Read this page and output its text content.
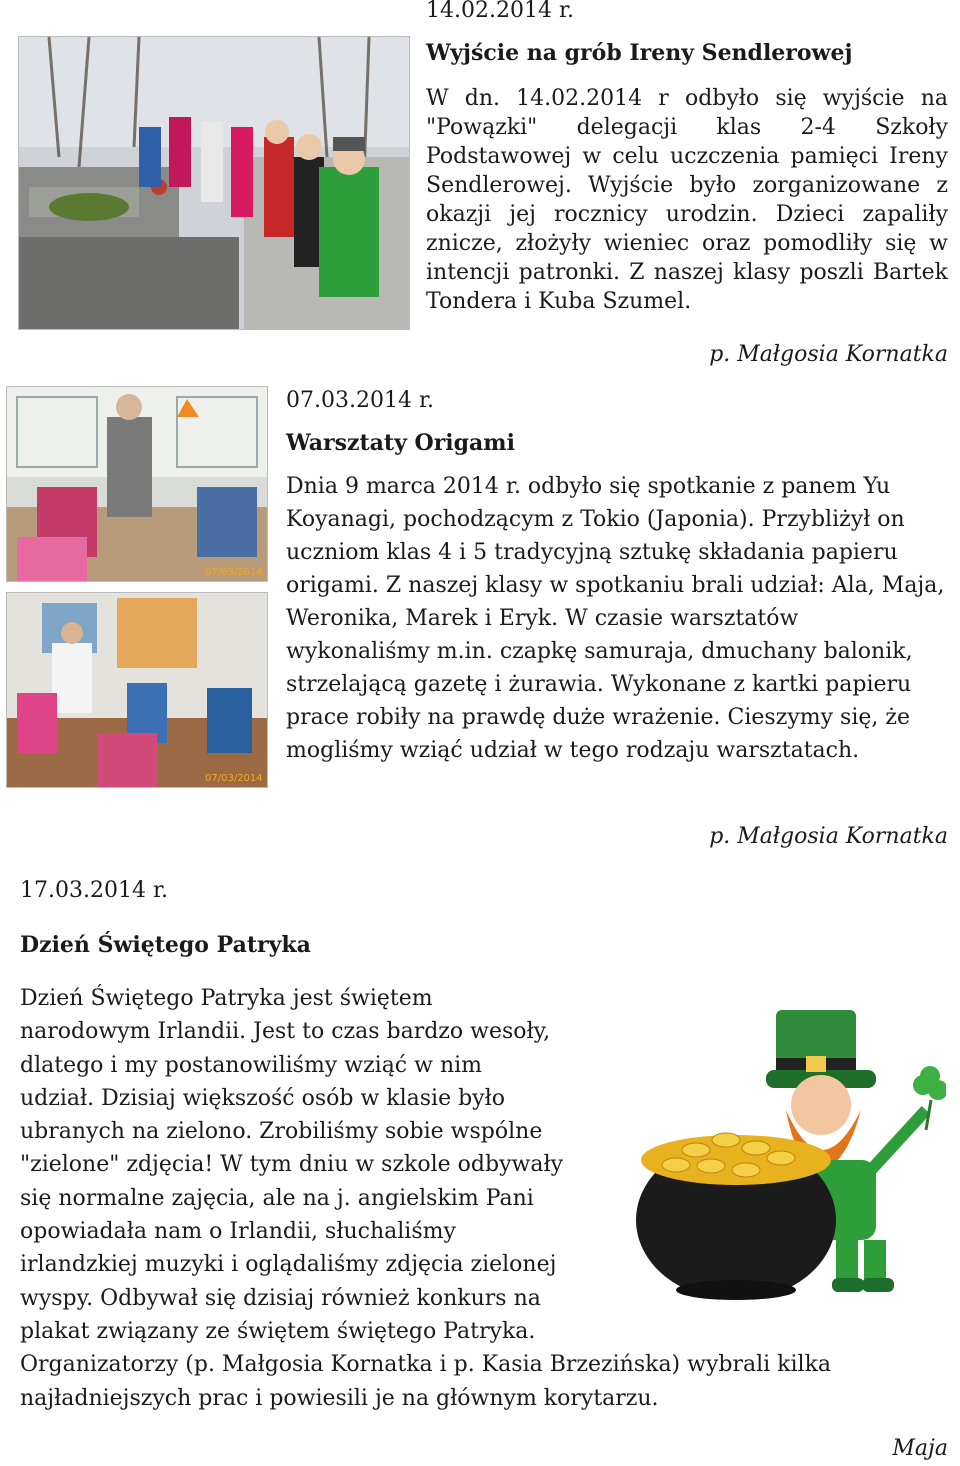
14.02.2014 r.
Wyjście na grób Ireny Sendlerowej
W dn. 14.02.2014 r odbyło się wyjście na "Powązki" delegacji klas 2-4 Szkoły Podstawowej w celu uczczenia pamięci Ireny Sendlerowej. Wyjście było zorganizowane z okazji jej rocznicy urodzin. Dzieci zapaliły znicze, złożyły wieniec oraz pomodliły się w intencji patronki. Z naszej klasy poszli Bartek Tondera i Kuba Szumel.
p. Małgosia Kornatka
07/03/2014
07/03/2014
07.03.2014 r.
Warsztaty Origami
Dnia 9 marca 2014 r. odbyło się spotkanie z panem Yu Koyanagi, pochodzącym z Tokio (Japonia). Przybliżył on uczniom klas 4 i 5 tradycyjną sztukę składania papieru origami. Z naszej klasy w spotkaniu brali udział: Ala, Maja, Weronika, Marek i Eryk. W czasie warsztatów wykonaliśmy m.in. czapkę samuraja, dmuchany balonik, strzelającą gazetę i żurawia. Wykonane z kartki papieru prace robiły na prawdę duże wrażenie. Cieszymy się, że mogliśmy wziąć udział w tego rodzaju warsztatach.
p. Małgosia Kornatka
17.03.2014 r.
Dzień Świętego Patryka
Dzień Świętego Patryka jest świętem
narodowym Irlandii. Jest to czas bardzo wesoły,
dlatego i my postanowiliśmy wziąć w nim
udział. Dzisiaj większość osób w klasie było
ubranych na zielono. Zrobiliśmy sobie wspólne
"zielone" zdjęcia! W tym dniu w szkole odbywały
się normalne zajęcia, ale na j. angielskim Pani
opowiadała nam o Irlandii, słuchaliśmy
irlandzkiej muzyki i oglądaliśmy zdjęcia zielonej
wyspy. Odbywał się dzisiaj również konkurs na
plakat związany ze świętem świętego Patryka.
Organizatorzy (p. Małgosia Kornatka i p. Kasia Brzezińska) wybrali kilka
najładniejszych prac i powiesili je na głównym korytarzu.
Maja
